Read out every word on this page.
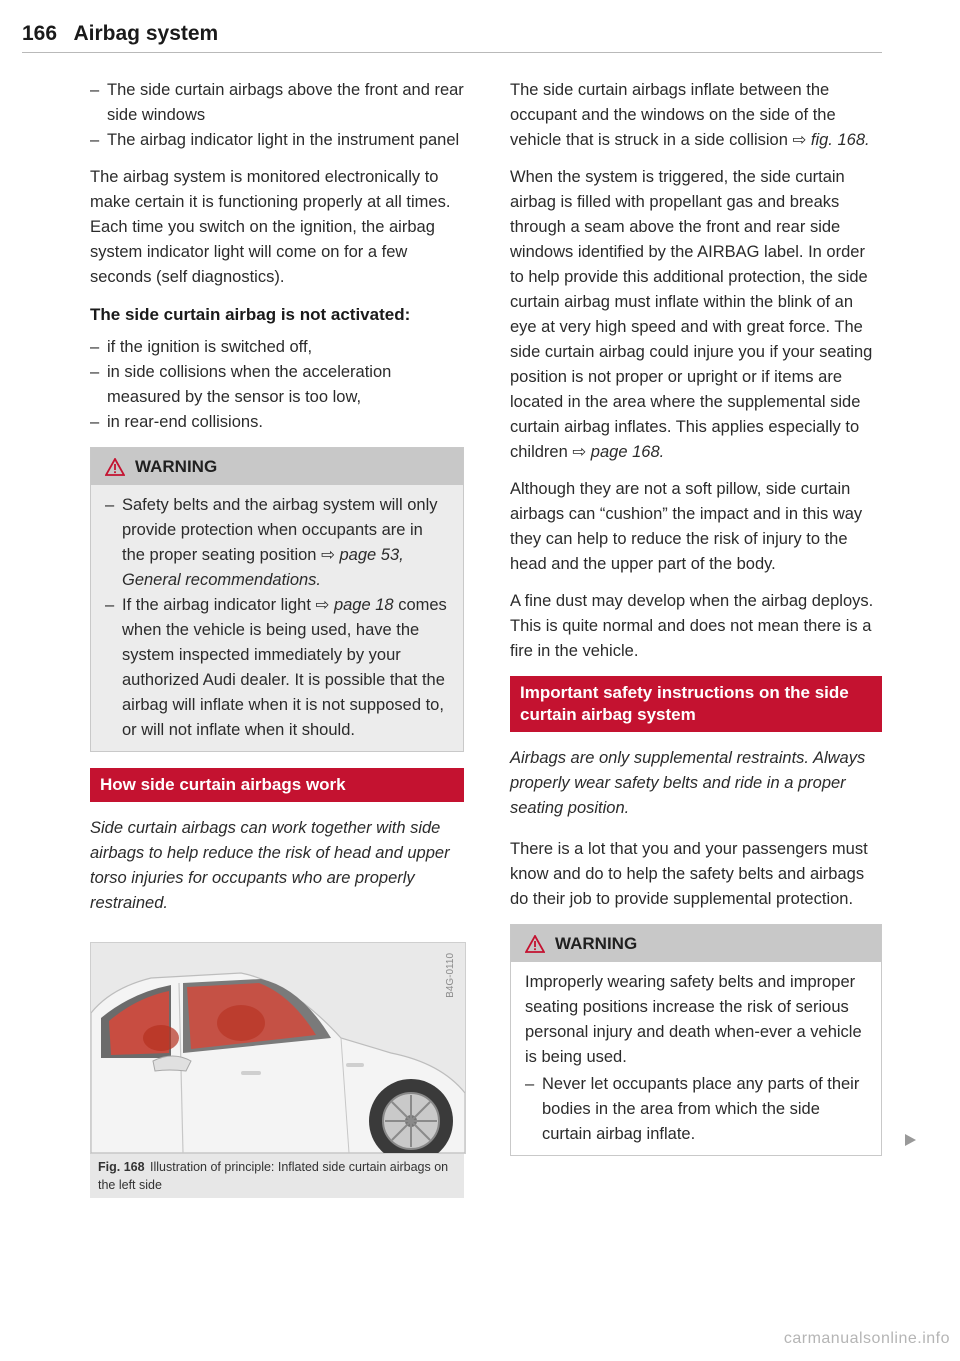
166 Airbag system

– The side curtain airbags above the front and rear side windows

– The airbag indicator light in the instrument panel

The airbag system is monitored electronically to make certain it is functioning properly at all times. Each time you switch on the ignition, the airbag system indicator light will come on for a few seconds (self diagnostics).

The side curtain airbag is not activated:

– if the ignition is switched off,

– in side collisions when the acceleration measured by the sensor is too low,

– in rear-end collisions.

WARNING

– Safety belts and the airbag system will only provide protection when occupants are in the proper seating position ⇨ page 53, General recommendations.

– If the airbag indicator light ⇨ page 18 comes when the vehicle is being used, have the system inspected immediately by your authorized Audi dealer. It is possible that the airbag will inflate when it is not supposed to, or will not inflate when it should.

How side curtain airbags work

Side curtain airbags can work together with side airbags to help reduce the risk of head and upper torso injuries for occupants who are properly restrained.

B4G-0110
Fig. 168 Illustration of principle: Inflated side curtain airbags on the left side

The side curtain airbags inflate between the occupant and the windows on the side of the vehicle that is struck in a side collision ⇨ fig. 168.

When the system is triggered, the side curtain airbag is filled with propellant gas and breaks through a seam above the front and rear side windows identified by the AIRBAG label. In order to help provide this additional protection, the side curtain airbag must inflate within the blink of an eye at very high speed and with great force. The side curtain airbag could injure you if your seating position is not proper or upright or if items are located in the area where the supplemental side curtain airbag inflates. This applies especially to children ⇨ page 168.

Although they are not a soft pillow, side curtain airbags can “cushion” the impact and in this way they can help to reduce the risk of injury to the head and the upper part of the body.

A fine dust may develop when the airbag deploys. This is quite normal and does not mean there is a fire in the vehicle.

Important safety instructions on the side curtain airbag system

Airbags are only supplemental restraints. Always properly wear safety belts and ride in a proper seating position.

There is a lot that you and your passengers must know and do to help the safety belts and airbags do their job to provide supplemental protection.

WARNING

Improperly wearing safety belts and improper seating positions increase the risk of serious personal injury and death when-ever a vehicle is being used.

– Never let occupants place any parts of their bodies in the area from which the side curtain airbag inflate.

carmanualsonline.info
